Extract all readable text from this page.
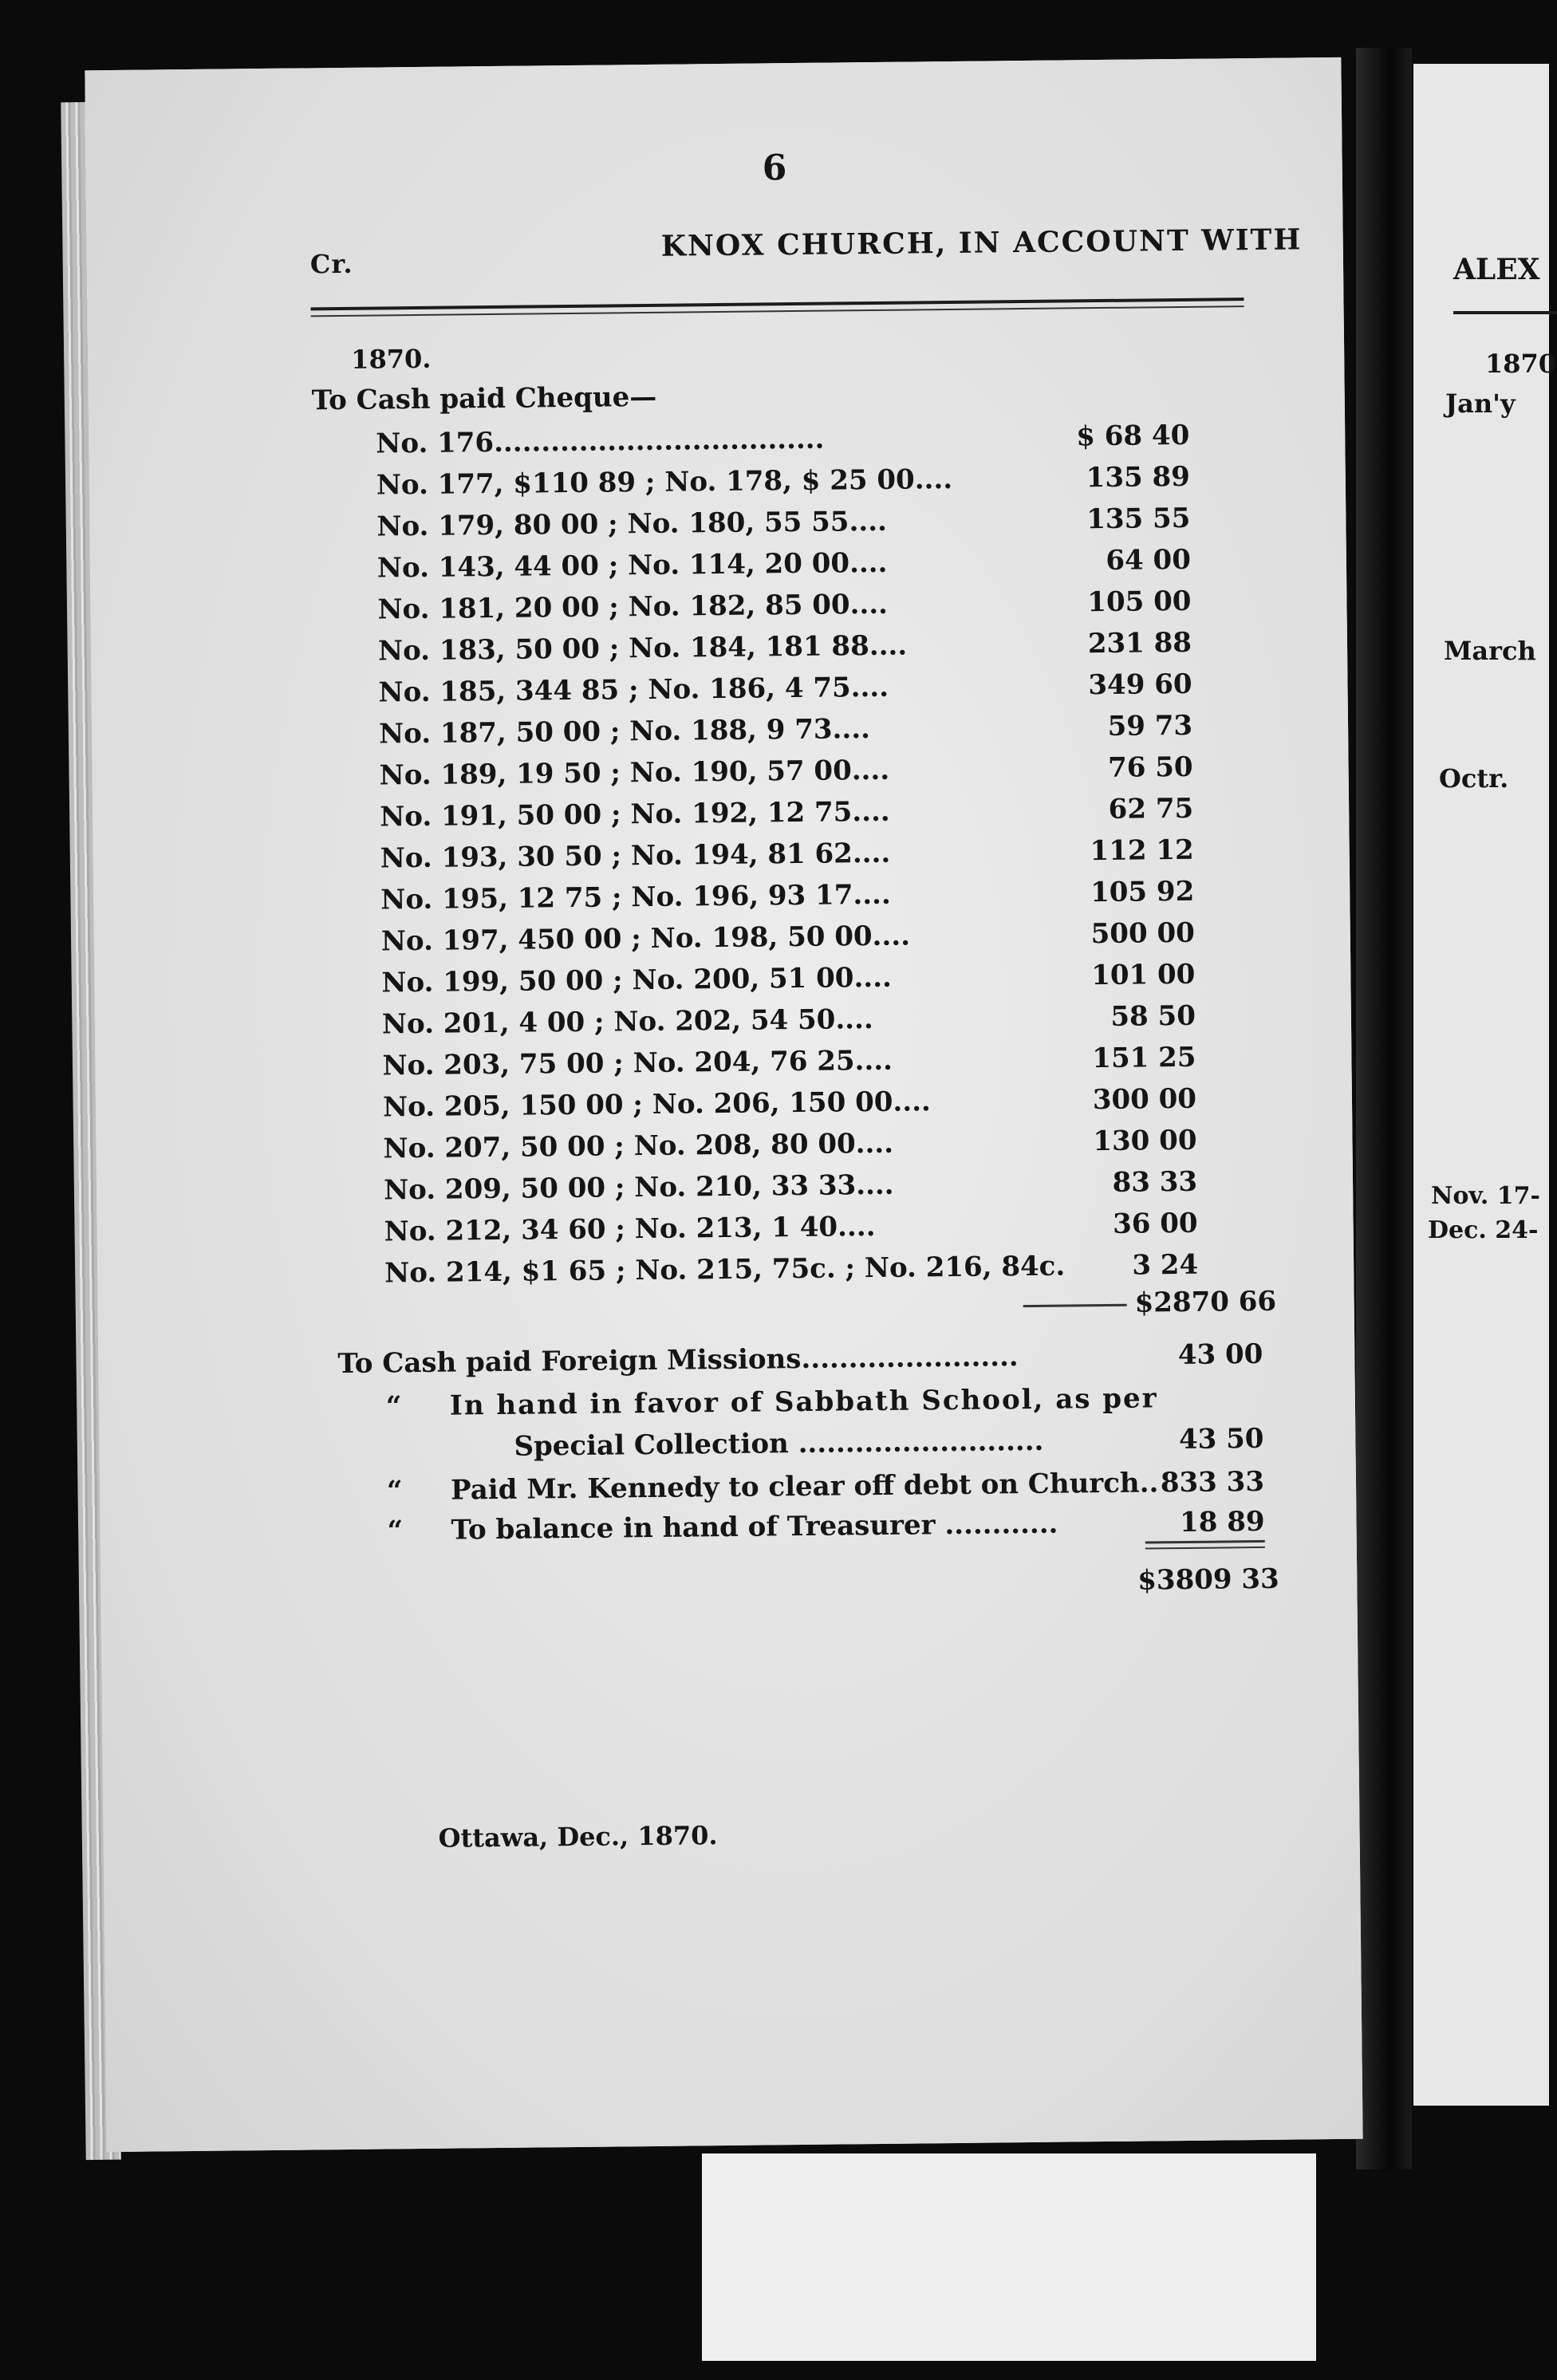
ALEX
1870
Jan'y
March
Octr.
Nov. 17-
Dec. 24-

6
Cr.
KNOX CHURCH, IN ACCOUNT WITH
1870.
To Cash paid Cheque—
No. 176...................................	$ 68 40
No. 177, $110 89 ; No. 178, $ 25 00....	135 89
No. 179, 80 00 ; No. 180, 55 55....	135 55
No. 143, 44 00 ; No. 114, 20 00....	64 00
No. 181, 20 00 ; No. 182, 85 00....	105 00
No. 183, 50 00 ; No. 184, 181 88....	231 88
No. 185, 344 85 ; No. 186, 4 75....	349 60
No. 187, 50 00 ; No. 188, 9 73....	59 73
No. 189, 19 50 ; No. 190, 57 00....	76 50
No. 191, 50 00 ; No. 192, 12 75....	62 75
No. 193, 30 50 ; No. 194, 81 62....	112 12
No. 195, 12 75 ; No. 196, 93 17....	105 92
No. 197, 450 00 ; No. 198, 50 00....	500 00
No. 199, 50 00 ; No. 200, 51 00....	101 00
No. 201, 4 00 ; No. 202, 54 50....	58 50
No. 203, 75 00 ; No. 204, 76 25....	151 25
No. 205, 150 00 ; No. 206, 150 00....	300 00
No. 207, 50 00 ; No. 208, 80 00....	130 00
No. 209, 50 00 ; No. 210, 33 33....	83 33
No. 212, 34 60 ; No. 213, 1 40....	36 00
No. 214, $1 65 ; No. 215, 75c. ; No. 216, 84c. 3 24
$2870 66
To Cash paid Foreign Missions.......................	43 00
“ In hand in favor of Sabbath School, as per
Special Collection ..........................	43 50
“ Paid Mr. Kennedy to clear off debt on Church.. 833 33
“ To balance in hand of Treasurer ............	18 89
$3809 33
Ottawa, Dec., 1870.
